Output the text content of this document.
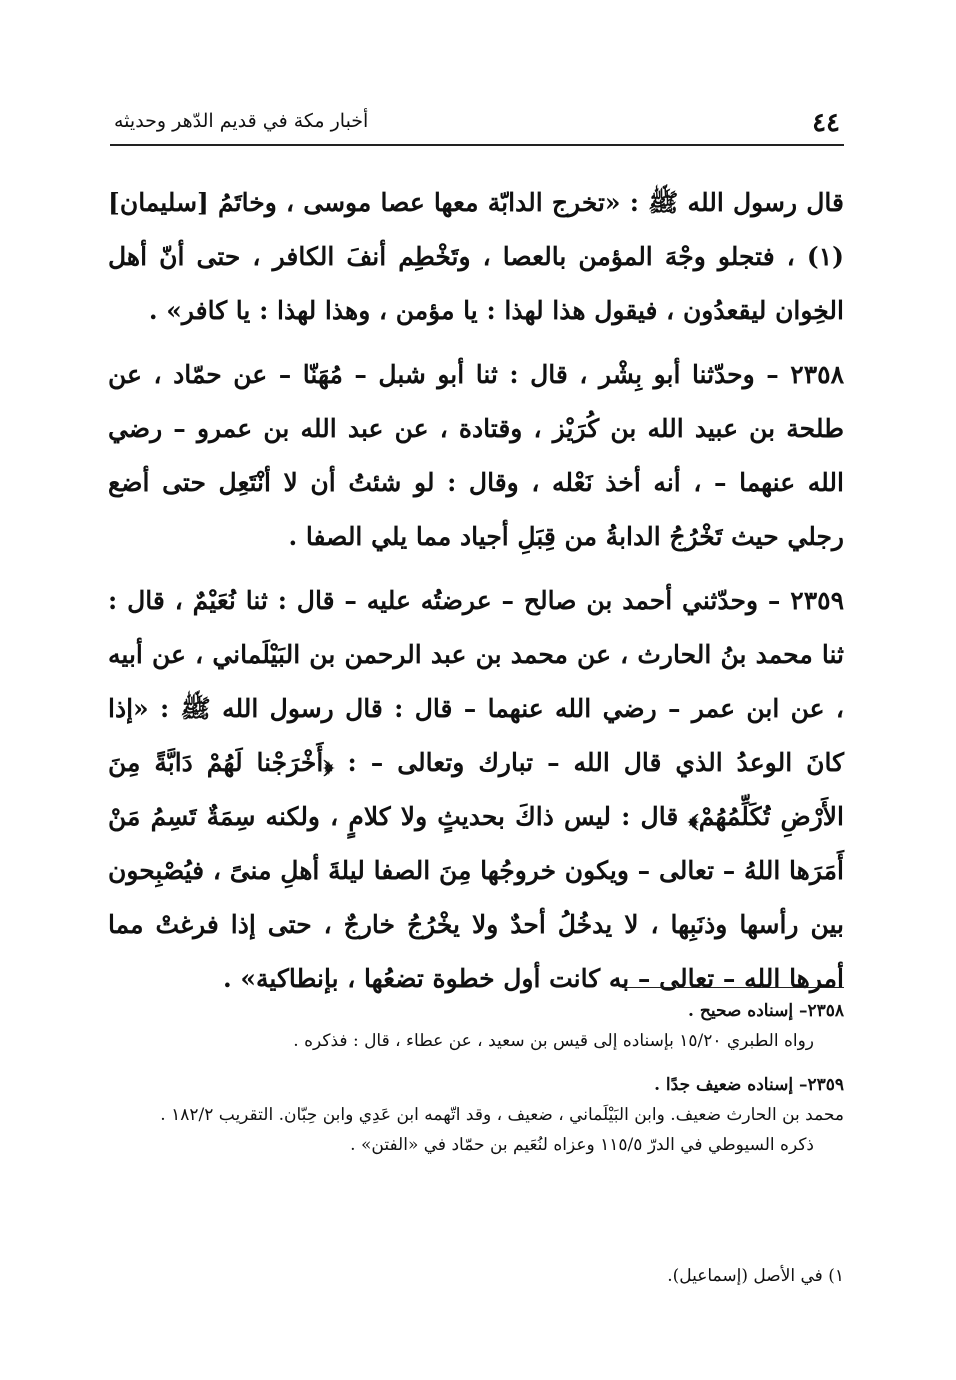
٤٤
أخبار مكة في قديم الدّهر وحديثه

قال رسول الله ﷺ : «تخرج الدابّة معها عصا موسى ، وخاتَمُ [سليمان](١) ، فتجلو وجْهَ المؤمن بالعصا ، وتَخْطِم أنفَ الكافر ، حتى أنّ أهل الخِوان ليقعدُون ، فيقول هذا لهذا : يا مؤمن ، وهذا لهذا : يا كافر» .

٢٣٥٨ – وحدّثنا أبو بِشْر ، قال : ثنا أبو شبل – مُهَنّا – عن حمّاد ، عن طلحة بن عبيد الله بن كُرَيْز ، وقتادة ، عن عبد الله بن عمرو – رضي الله عنهما – ، أنه أخذ نَعْله ، وقال : لو شئتُ أن لا أنْتَعِل حتى أضع رجلي حيث تَخْرُجُ الدابةُ من قِبَلِ أجياد مما يلي الصفا .

٢٣٥٩ – وحدّثني أحمد بن صالح – عرضتُه عليه – قال : ثنا نُعَيْمٌ ، قال : ثنا محمد بنُ الحارث ، عن محمد بن عبد الرحمن بن البَيْلَماني ، عن أبيه ، عن ابن عمر – رضي الله عنهما – قال : قال رسول الله ﷺ : «إذا كانَ الوعدُ الذي قال الله – تبارك وتعالى – : ﴿أَخْرَجْنا لَهُمْ دَابَّةً مِنَ الأَرْضِ تُكَلِّمُهُمْ﴾ قال : ليس ذاكَ بحديثٍ ولا كلامٍ ، ولكنه سِمَةٌ تَسِمُ مَنْ أَمَرَها اللهُ – تعالى – ويكون خروجُها مِنَ الصفا ليلةَ أهلِ منىً ، فيُصْبِحون بين رأسها وذنَبِها ، لا يدخُلُ أحدٌ ولا يخْرُجُ خارجٌ ، حتى إذا فرغتْ مما أمرها الله – تعالى – به كانت أول خطوة تضعُها ، بإنطاكية» .

٢٣٥٨– إسناده صحيح .
رواه الطبري ١٥/٢٠ بإسناده إلى قيس بن سعيد ، عن عطاء ، قال : فذكره .
٢٣٥٩– إسناده ضعيف جدًا .
محمد بن الحارث ضعيف. وابن البَيْلَماني ، ضعيف ، وقد اتّهمه ابن عَدِي وابن حِبّان. التقريب ١٨٢/٢ .
ذكره السيوطي في الدرّ ١١٥/٥ وعزاه لنُعَيم بن حمّاد في «الفتن» .
١) في الأصل (إسماعيل).
